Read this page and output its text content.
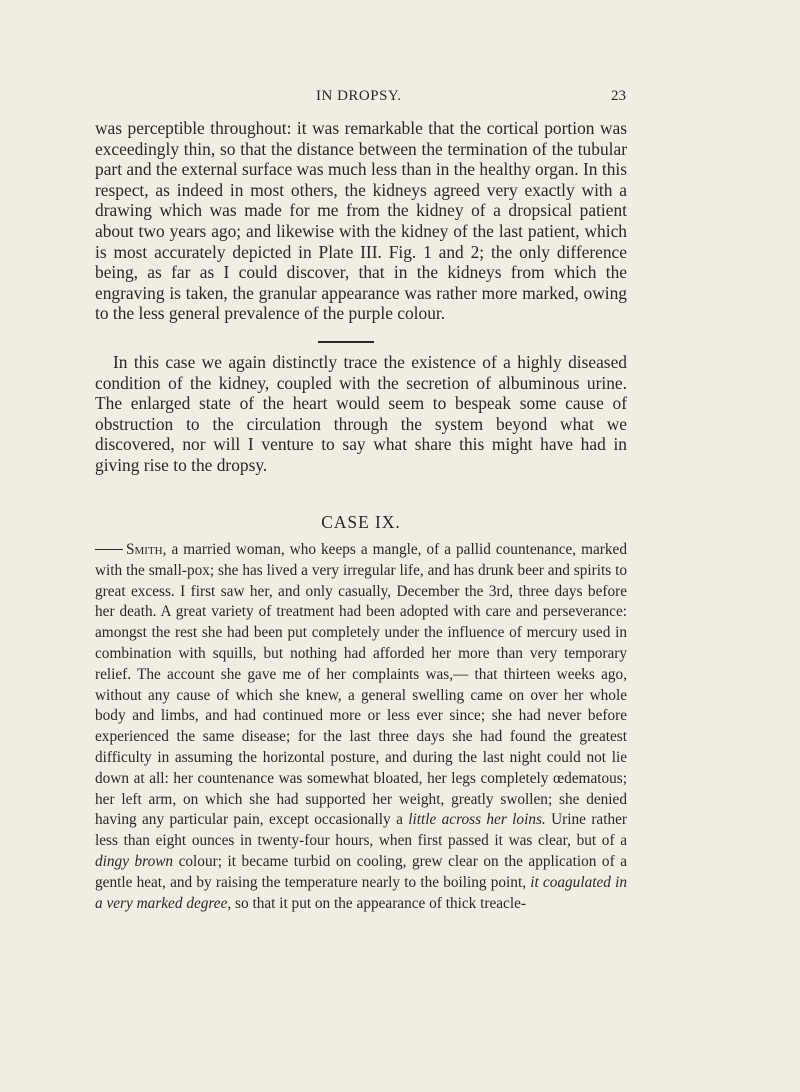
IN DROPSY.	23

was perceptible throughout: it was remarkable that the cortical portion was exceedingly thin, so that the distance between the termination of the tubular part and the external surface was much less than in the healthy organ. In this respect, as indeed in most others, the kidneys agreed very exactly with a drawing which was made for me from the kidney of a dropsical patient about two years ago; and likewise with the kidney of the last patient, which is most accurately depicted in Plate III. Fig. 1 and 2; the only difference being, as far as I could discover, that in the kidneys from which the engraving is taken, the granular appearance was rather more marked, owing to the less general prevalence of the purple colour.

In this case we again distinctly trace the existence of a highly diseased condition of the kidney, coupled with the secretion of albuminous urine. The enlarged state of the heart would seem to bespeak some cause of obstruction to the circulation through the system beyond what we discovered, nor will I venture to say what share this might have had in giving rise to the dropsy.

CASE IX.

Smith, a married woman, who keeps a mangle, of a pallid countenance, marked with the small-pox; she has lived a very irregular life, and has drunk beer and spirits to great excess. I first saw her, and only casually, December the 3rd, three days before her death. A great variety of treatment had been adopted with care and perseverance: amongst the rest she had been put completely under the influence of mercury used in combination with squills, but nothing had afforded her more than very temporary relief. The account she gave me of her complaints was,— that thirteen weeks ago, without any cause of which she knew, a general swelling came on over her whole body and limbs, and had continued more or less ever since; she had never before experienced the same disease; for the last three days she had found the greatest difficulty in assuming the horizontal posture, and during the last night could not lie down at all: her countenance was somewhat bloated, her legs completely œdematous; her left arm, on which she had supported her weight, greatly swollen; she denied having any particular pain, except occasionally a little across her loins. Urine rather less than eight ounces in twenty-four hours, when first passed it was clear, but of a dingy brown colour; it became turbid on cooling, grew clear on the application of a gentle heat, and by raising the temperature nearly to the boiling point, it coagulated in a very marked degree, so that it put on the appearance of thick treacle-
